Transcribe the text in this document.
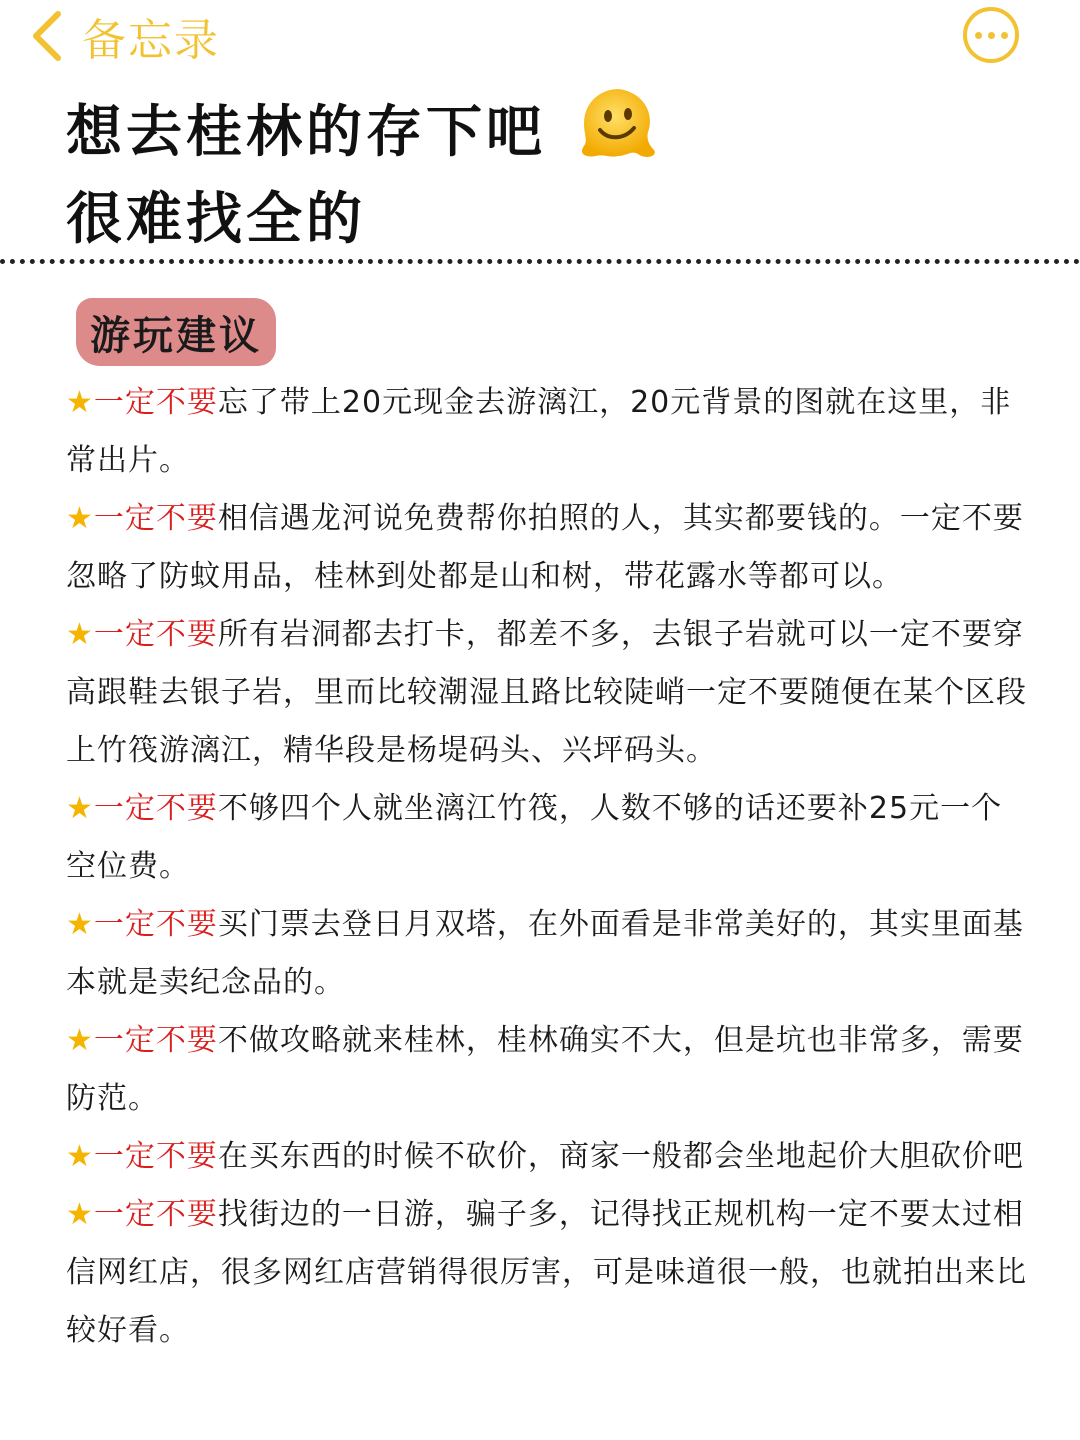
备忘录
想去桂林的存下吧
很难找全的
游玩建议

★一定不要忘了带上20元现金去游漓江，20元背景的图就在这里，非常出片。

★一定不要相信遇龙河说免费帮你拍照的人，其实都要钱的。一定不要忽略了防蚊用品，桂林到处都是山和树，带花露水等都可以。

★一定不要所有岩洞都去打卡，都差不多，去银子岩就可以一定不要穿高跟鞋去银子岩，里而比较潮湿且路比较陡峭一定不要随便在某个区段上竹筏游漓江，精华段是杨堤码头、兴坪码头。

★一定不要不够四个人就坐漓江竹筏，人数不够的话还要补25元一个空位费。

★一定不要买门票去登日月双塔，在外面看是非常美好的，其实里面基本就是卖纪念品的。

★一定不要不做攻略就来桂林，桂林确实不大，但是坑也非常多，需要防范。

★一定不要在买东西的时候不砍价，商家一般都会坐地起价大胆砍价吧

★一定不要找街边的一日游，骗子多，记得找正规机构一定不要太过相信网红店，很多网红店营销得很厉害，可是味道很一般，也就拍出来比较好看。
